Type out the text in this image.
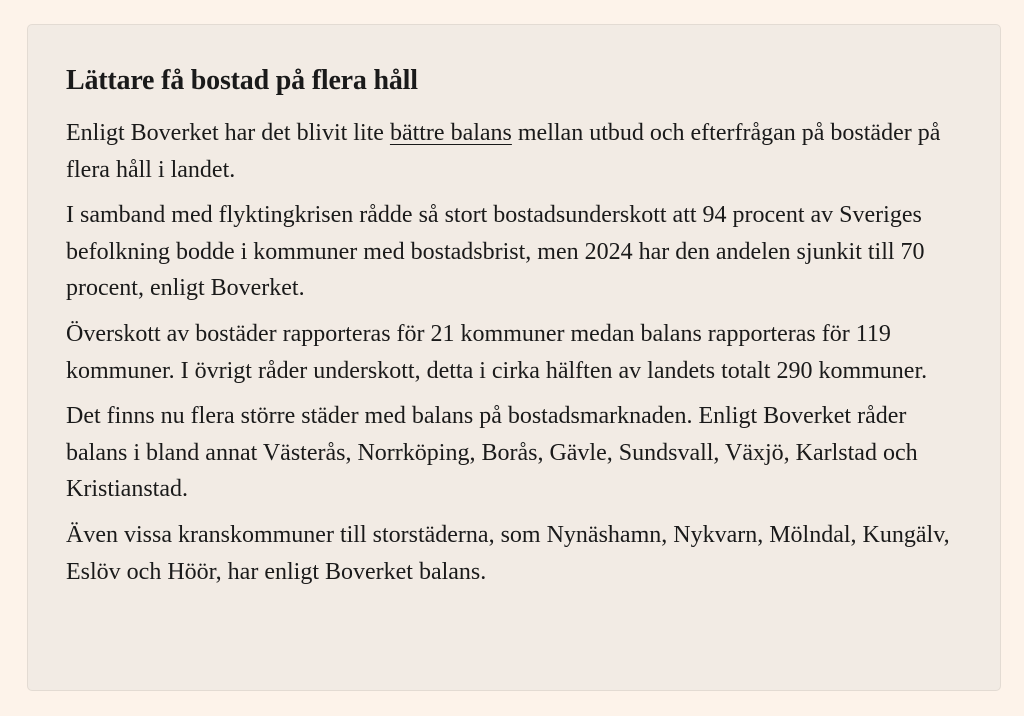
Lättare få bostad på flera håll

Enligt Boverket har det blivit lite bättre balans mellan utbud och efterfrågan på bostäder på flera håll i landet.

I samband med flyktingkrisen rådde så stort bostadsunderskott att 94 procent av Sveriges befolkning bodde i kommuner med bostadsbrist, men 2024 har den andelen sjunkit till 70 procent, enligt Boverket.

Överskott av bostäder rapporteras för 21 kommuner medan balans rapporteras för 119 kommuner. I övrigt råder underskott, detta i cirka hälften av landets totalt 290 kommuner.

Det finns nu flera större städer med balans på bostadsmarknaden. Enligt Boverket råder balans i bland annat Västerås, Norrköping, Borås, Gävle, Sundsvall, Växjö, Karlstad och Kristianstad.

Även vissa kranskommuner till storstäderna, som Nynäshamn, Nykvarn, Mölndal, Kungälv, Eslöv och Höör, har enligt Boverket balans.
